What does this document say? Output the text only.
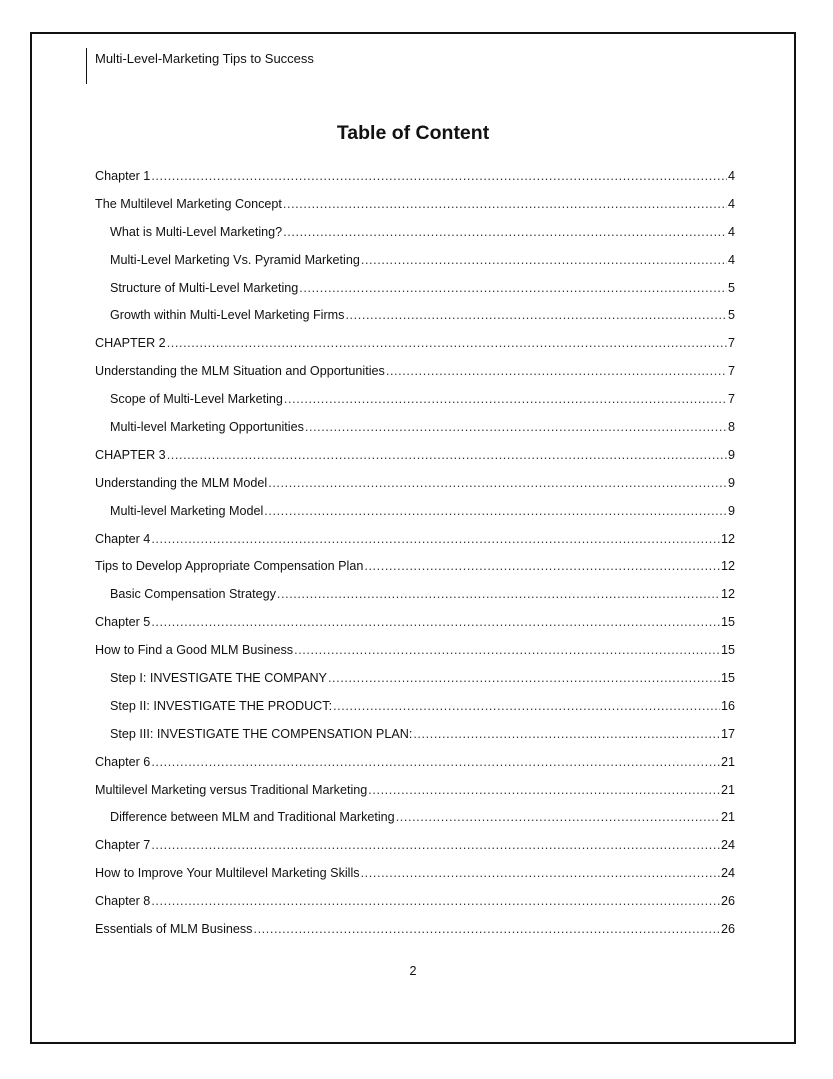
Multi-Level-Marketing Tips to Success
Table of Content
Chapter 1 .....	4
The Multilevel Marketing Concept .....	4
What is Multi-Level Marketing? .....	4
Multi-Level Marketing Vs. Pyramid Marketing .....	4
Structure of Multi-Level Marketing .....	5
Growth within Multi-Level Marketing Firms .....	5
CHAPTER 2 .....	7
Understanding the MLM Situation and Opportunities .....	7
Scope of Multi-Level Marketing .....	7
Multi-level Marketing Opportunities .....	8
CHAPTER 3 .....	9
Understanding the MLM Model .....	9
Multi-level Marketing Model .....	9
Chapter 4 .....	12
Tips to Develop Appropriate Compensation Plan .....	12
Basic Compensation Strategy .....	12
Chapter 5 .....	15
How to Find a Good MLM Business .....	15
Step I: INVESTIGATE THE COMPANY .....	15
Step II: INVESTIGATE THE PRODUCT: .....	16
Step III: INVESTIGATE THE COMPENSATION PLAN: .....	17
Chapter 6 .....	21
Multilevel Marketing versus Traditional Marketing .....	21
Difference between MLM and Traditional Marketing .....	21
Chapter 7 .....	24
How to Improve Your Multilevel Marketing Skills .....	24
Chapter 8 .....	26
Essentials of MLM Business .....	26
2
